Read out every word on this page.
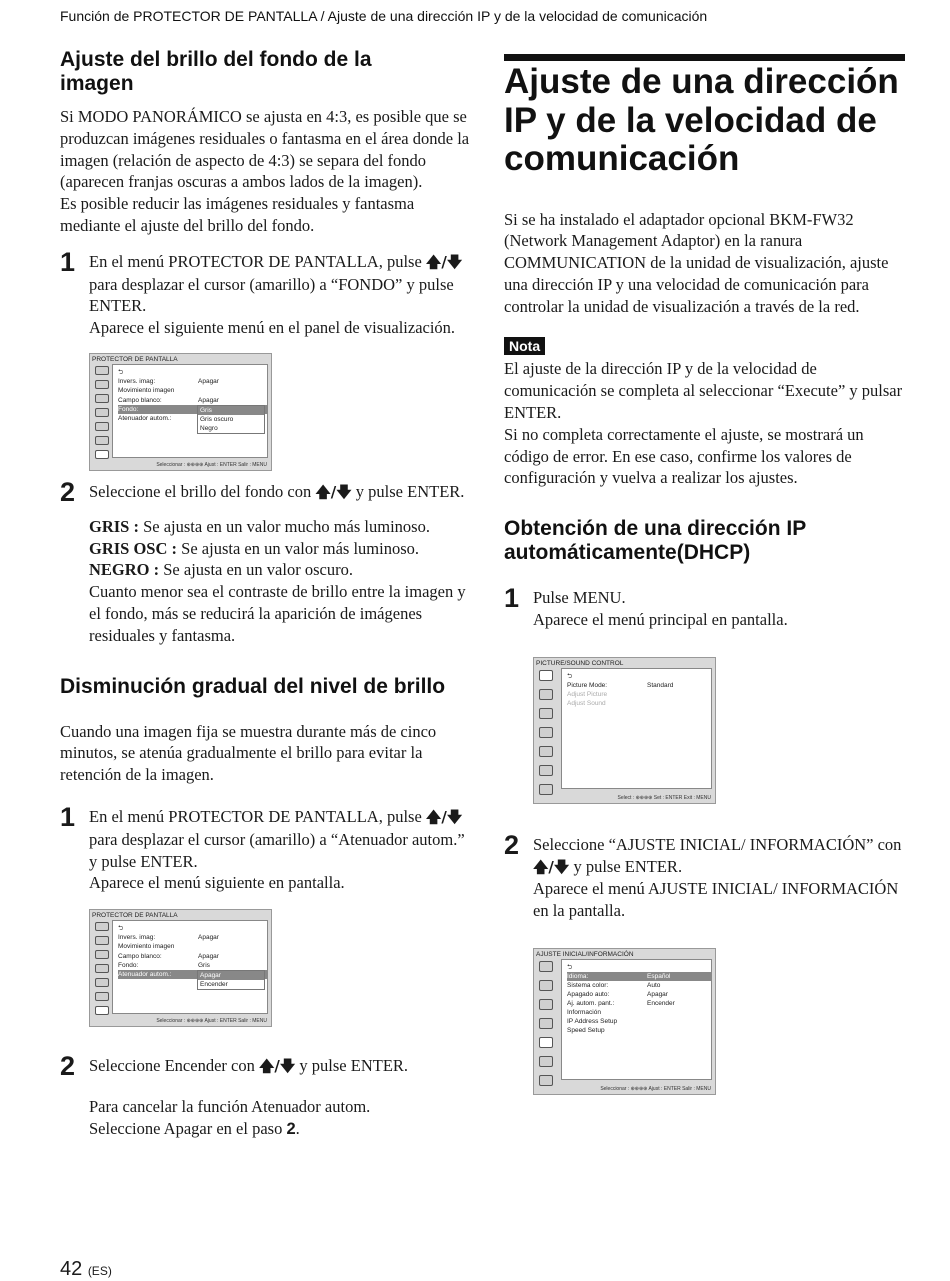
Función de PROTECTOR DE PANTALLA / Ajuste de una dirección IP y de la velocidad de comunicación
Ajuste del brillo del fondo de la imagen

Si MODO PANORÁMICO se ajusta en 4:3, es posible que se produzcan imágenes residuales o fantasma en el área donde la imagen (relación de aspecto de 4:3) se separa del fondo (aparecen franjas oscuras a ambos lados de la imagen).

Es posible reducir las imágenes residuales y fantasma mediante el ajuste del brillo del fondo.

1 En el menú PROTECTOR DE PANTALLA, pulse 🡅/🡇 para desplazar el cursor (amarillo) a “FONDO” y pulse ENTER.

Aparece el siguiente menú en el panel de visualización.

PROTECTOR DE PANTALLA
⮌
Invers. imag:	Apagar
Movimiento imagen
Campo blanco:	Apagar
Fondo:
Atenuador autom.:
Gris
Gris oscuro
Negro
Seleccionar : ⊕⊕⊕⊕ Ajust : ENTER Salir : MENU
2 Seleccione el brillo del fondo con 🡅/🡇 y pulse ENTER.

GRIS : Se ajusta en un valor mucho más luminoso.

GRIS OSC : Se ajusta en un valor más luminoso.

NEGRO : Se ajusta en un valor oscuro.

Cuanto menor sea el contraste de brillo entre la imagen y el fondo, más se reducirá la aparición de imágenes residuales y fantasma.

Disminución gradual del nivel de brillo

Cuando una imagen fija se muestra durante más de cinco minutos, se atenúa gradualmente el brillo para evitar la retención de la imagen.

1 En el menú PROTECTOR DE PANTALLA, pulse 🡅/🡇 para desplazar el cursor (amarillo) a “Atenuador autom.” y pulse ENTER.

Aparece el menú siguiente en pantalla.

PROTECTOR DE PANTALLA
⮌
Invers. imag:	Apagar
Movimiento imagen
Campo blanco:	Apagar
Fondo:	Gris
Atenuador autom.:	Apagar
Encender
Seleccionar : ⊕⊕⊕⊕ Ajust : ENTER Salir : MENU
2 Seleccione Encender con 🡅/🡇 y pulse ENTER.

Para cancelar la función Atenuador autom.

Seleccione Apagar en el paso 2.

Ajuste de una dirección IP y de la velocidad de comunicación

Si se ha instalado el adaptador opcional BKM-FW32 (Network Management Adaptor) en la ranura COMMUNICATION de la unidad de visualización, ajuste una dirección IP y una velocidad de comunicación para controlar la unidad de visualización a través de la red.

Nota

El ajuste de la dirección IP y de la velocidad de comunicación se completa al seleccionar “Execute” y pulsar ENTER.

Si no completa correctamente el ajuste, se mostrará un código de error. En ese caso, confirme los valores de configuración y vuelva a realizar los ajustes.

Obtención de una dirección IP automáticamente(DHCP)
1 Pulse MENU.

Aparece el menú principal en pantalla.

PICTURE/SOUND CONTROL
⮌
Picture Mode:	Standard
Adjust Picture
Adjust Sound
Select : ⊕⊕⊕⊕ Set : ENTER Exit : MENU
2 Seleccione “AJUSTE INICIAL/ INFORMACIÓN” con 🡅/🡇 y pulse ENTER.

Aparece el menú AJUSTE INICIAL/ INFORMACIÓN en la pantalla.

AJUSTE INICIAL/INFORMACIÓN
⮌
Idioma:	Español
Sistema color:	Auto
Apagado auto:	Apagar
Aj. autom. pant.:	Encender
Información
IP Address Setup
Speed Setup
Seleccionar : ⊕⊕⊕⊕ Ajust : ENTER Salir : MENU
42 (ES)
